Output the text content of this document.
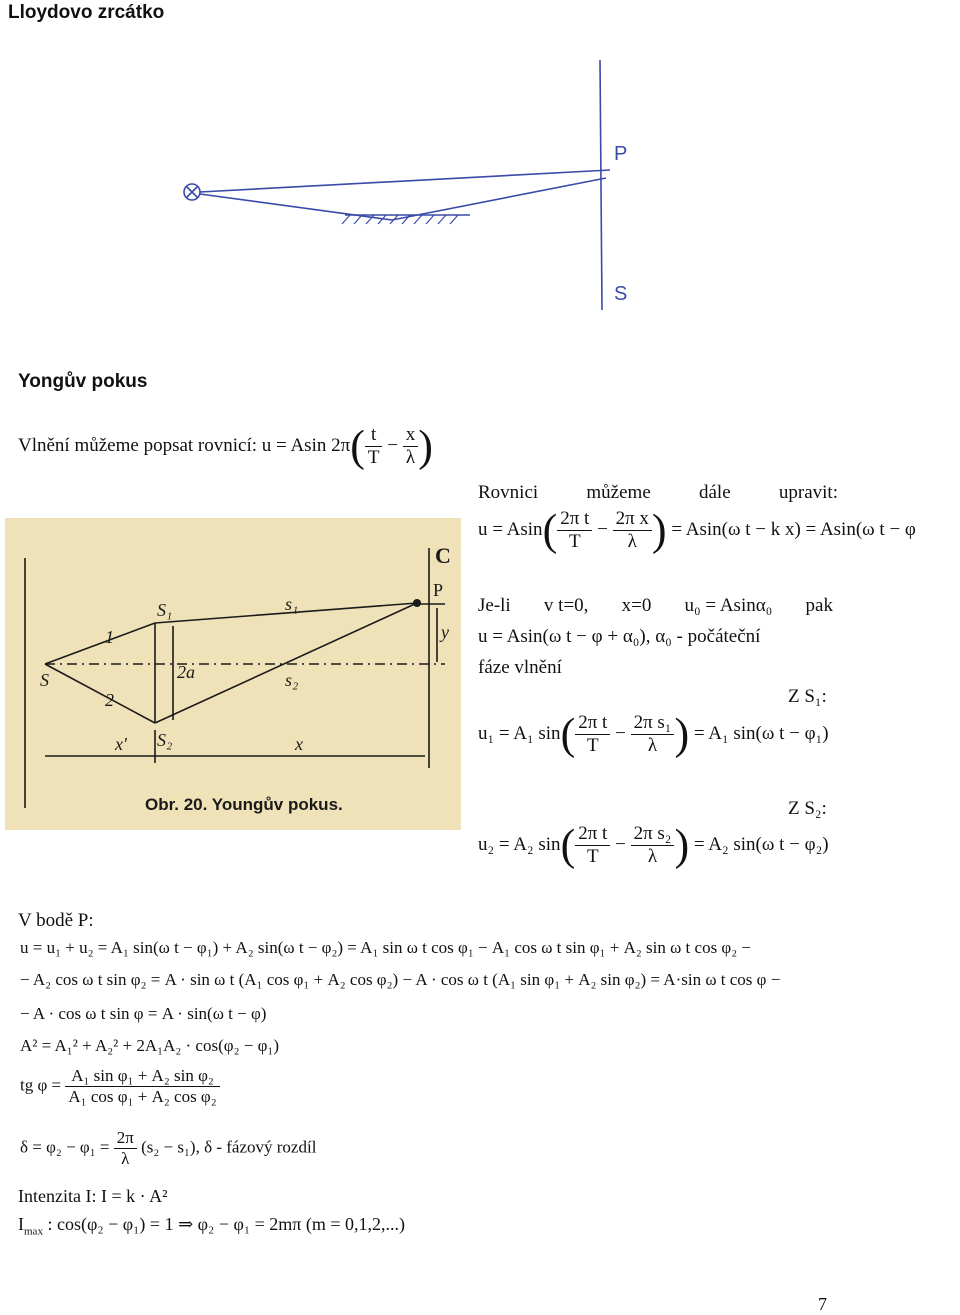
Lloydovo zrcátko
P
S
Yongův pokus
Vlnění můžeme popsat rovnicí: u = Asin $2\pi( \frac{t}{T} - \frac{x}{\lambda}$ )
Rovnici	můžeme	dále	upravit:
$u = Asin( \frac{\text{2π t}}{T} - \frac{\text{2π x}}{\lambda}$ ) = Asin(ω t − k x) = Asin(ω t − φ
S
S₁
S₂
s₁
s₂
1
2
2a
y
P
C
x
x'
Obr. 20. Youngův pokus.
Je-li v t=0, x=0 u₀ = Asinα₀ pak
u = Asin(ω t − φ + α₀), α₀ - počáteční
fáze vlnění
Z S₁:
u₁ = A₁ $\sin( \frac{\text{2π t}}{T} - \frac{\text{2π s₁}}{\lambda}$ ) = A₁ sin(ω t − φ₁)
Z S₂:
u₂ = A₂ $\sin( \frac{\text{2π t}}{T} - \frac{\text{2π s₂}}{\lambda}$ ) = A₂ sin(ω t − φ₂)
V bodě P:
u = u₁ + u₂ = A₁ sin(ω t − φ₁) + A₂ sin(ω t − φ₂) = A₁ sin ω t cos φ₁ − A₁ cos ω t sin φ₁ + A₂ sin ω t cos φ₂ −
− A₂ cos ω t sin φ₂ = A · sin ω t (A₁ cos φ₁ + A₂ cos φ₂) − A · cos ω t (A₁ sin φ₁ + A₂ sin φ₂) = A·sin ω t cos φ −
− A · cos ω t sin φ = A · sin(ω t − φ)
A² = A₁² + A₂² + 2A₁A₂ · cos(φ₂ − φ₁)
tg $\varphi = \frac{\text{A₁ sin φ₁ + A₂ sin φ₂}}{\text{A₁ cos φ₁ + A₂ cos φ₂}}$
$\delta = \varphi_2 - \varphi_1 = \frac{2\pi}{\lambda} (s_2 - s_1)$, δ - fázový rozdíl
Intenzita I: I = k · A²
$I_{max}$ : cos(φ₂ − φ₁) = 1 ⇒ φ₂ − φ₁ = 2mπ (m = 0,1,2,...)
7
